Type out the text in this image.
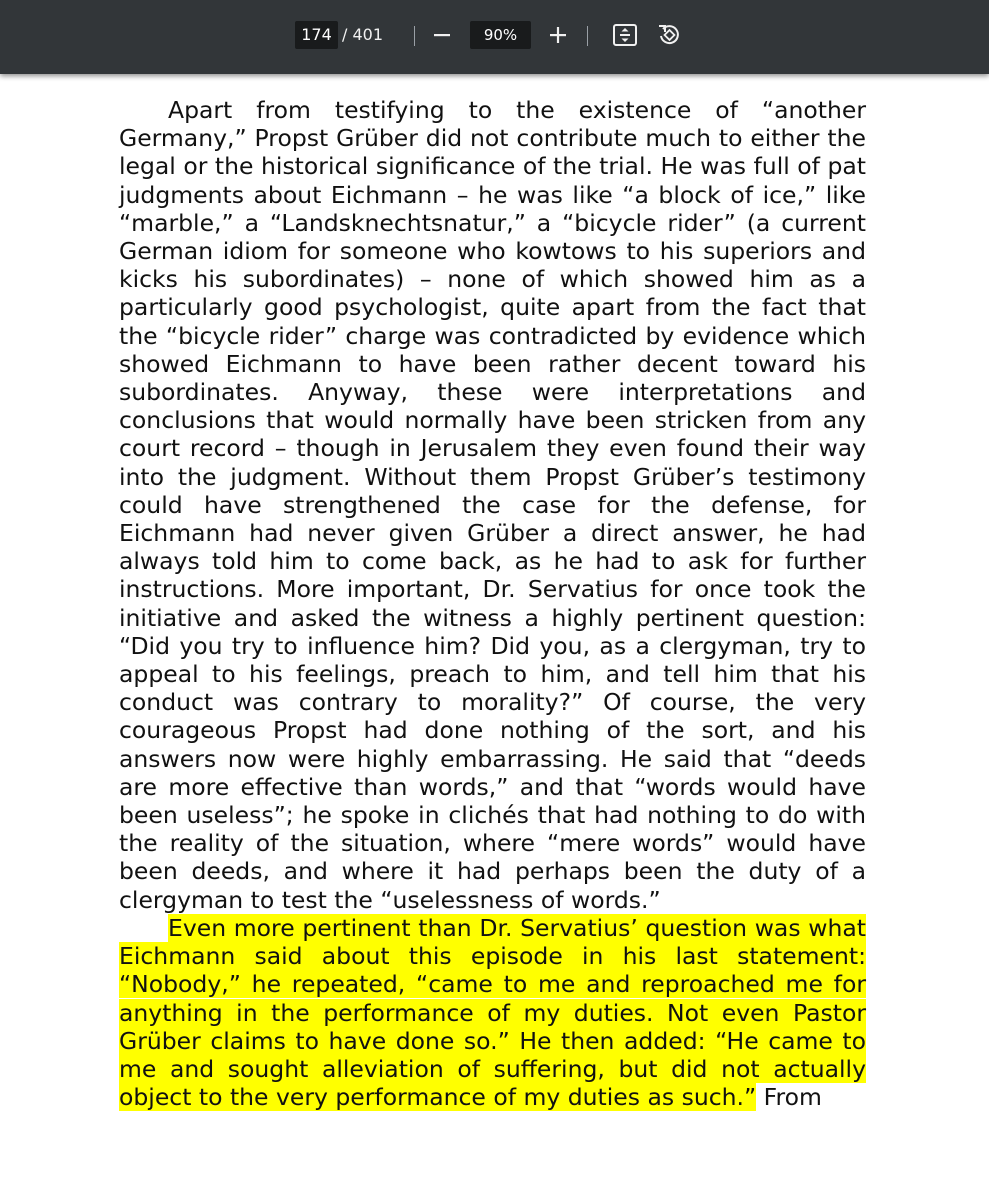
174 / 401	90%

Apart from testifying to the existence of “another Germany,” Propst Grüber did not contribute much to either the legal or the historical significance of the trial. He was full of pat judgments about Eichmann – he was like “a block of ice,” like “marble,” a “Landsknechtsnatur,” a “bicycle rider” (a current German idiom for someone who kowtows to his superiors and kicks his subordinates) – none of which showed him as a particularly good psychologist, quite apart from the fact that the “bicycle rider” charge was contradicted by evidence which showed Eichmann to have been rather decent toward his subordinates. Anyway, these were interpretations and conclusions that would normally have been stricken from any court record – though in Jerusalem they even found their way into the judgment. Without them Propst Grüber’s testimony could have strengthened the case for the defense, for Eichmann had never given Grüber a direct answer, he had always told him to come back, as he had to ask for further instructions. More important, Dr. Servatius for once took the initiative and asked the witness a highly pertinent question: “Did you try to influence him? Did you, as a clergyman, try to appeal to his feelings, preach to him, and tell him that his conduct was contrary to morality?” Of course, the very courageous Propst had done nothing of the sort, and his answers now were highly embarrassing. He said that “deeds are more effective than words,” and that “words would have been useless”; he spoke in clichés that had nothing to do with the reality of the situation, where “mere words” would have been deeds, and where it had perhaps been the duty of a clergyman to test the “uselessness of words.”

Even more pertinent than Dr. Servatius’ question was what Eichmann said about this episode in his last statement: “Nobody,” he repeated, “came to me and reproached me for anything in the performance of my duties. Not even Pastor Grüber claims to have done so.” He then added: “He came to me and sought alleviation of suffering, but did not actually object to the very performance of my duties as such.” From
